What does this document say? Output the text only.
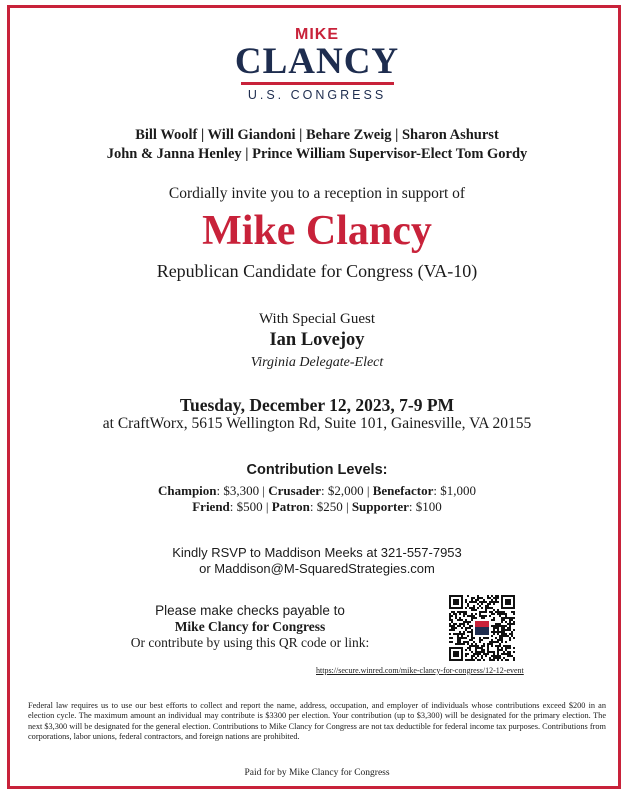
MIKE
CLANCY
U.S. CONGRESS
Bill Woolf | Will Giandoni | Behare Zweig | Sharon Ashurst
John & Janna Henley | Prince William Supervisor-Elect Tom Gordy
Cordially invite you to a reception in support of
Mike Clancy
Republican Candidate for Congress (VA-10)
With Special Guest
Ian Lovejoy
Virginia Delegate-Elect
Tuesday, December 12, 2023, 7-9 PM
at CraftWorx, 5615 Wellington Rd, Suite 101, Gainesville, VA 20155
Contribution Levels:
Champion: $3,300 | Crusader: $2,000 | Benefactor: $1,000
Friend: $500 | Patron: $250 | Supporter: $100
Kindly RSVP to Maddison Meeks at 321-557-7953
or Maddison@M-SquaredStrategies.com
Please make checks payable to
Mike Clancy for Congress
Or contribute by using this QR code or link:
https://secure.winred.com/mike-clancy-for-congress/12-12-event
Federal law requires us to use our best efforts to collect and report the name, address, occupation, and employer of individuals whose contributions exceed $200 in an election cycle. The maximum amount an individual may contribute is $3300 per election. Your contribution (up to $3,300) will be designated for the primary election. The next $3,300 will be designated for the general election. Contributions to Mike Clancy for Congress are not tax deductible for federal income tax purposes. Contributions from corporations, labor unions, federal contractors, and foreign nations are prohibited.
Paid for by Mike Clancy for Congress
